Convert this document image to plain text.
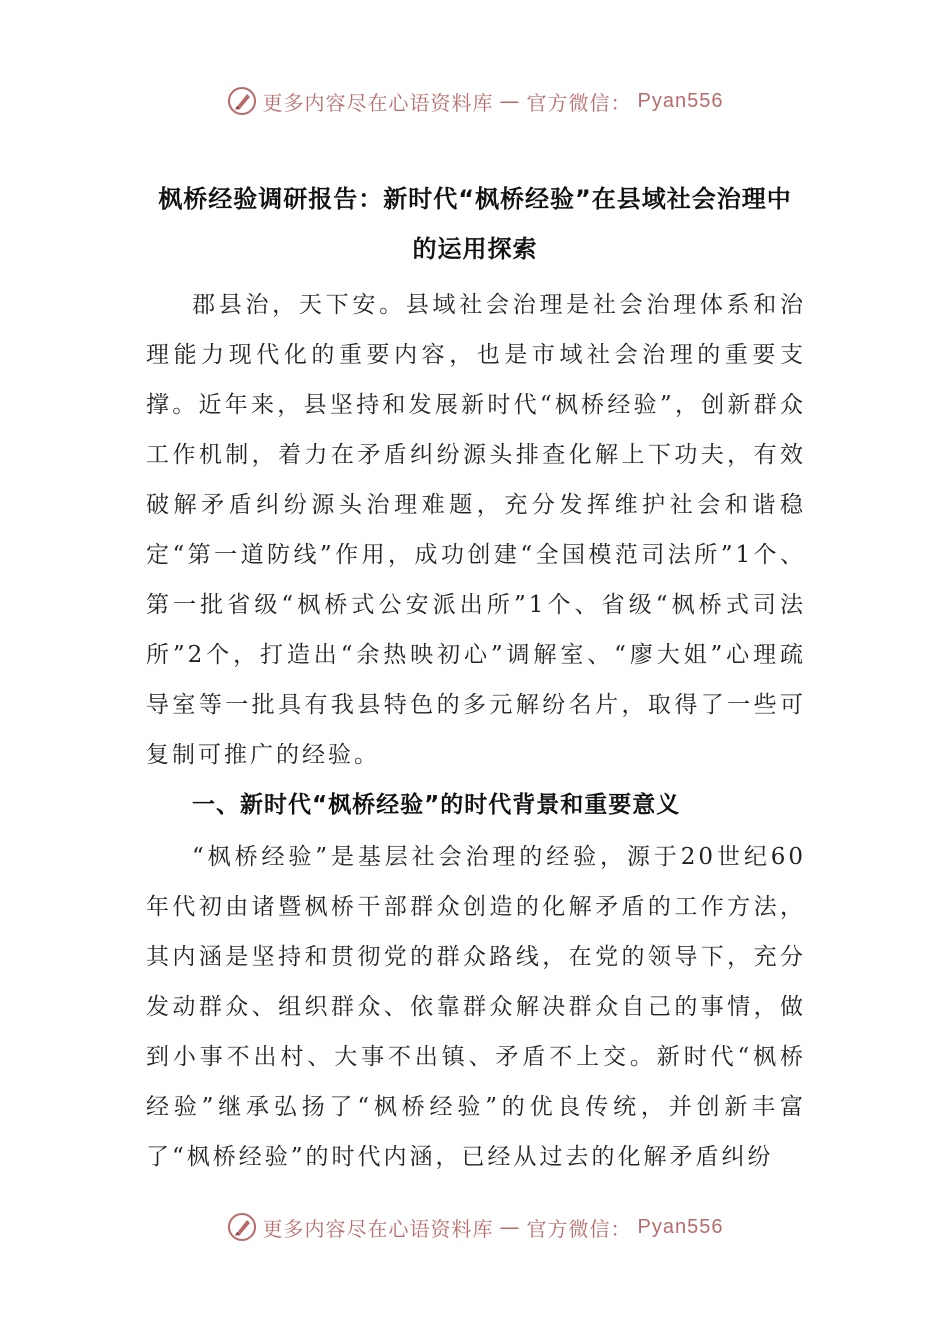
更多内容尽在心语资料库 — 官方微信： Pyan556
枫桥经验调研报告：新时代“枫桥经验”在县域社会治理中的运用探索
郡县治，天下安。县域社会治理是社会治理体系和治理能力现代化的重要内容，也是市域社会治理的重要支撑。近年来，县坚持和发展新时代“枫桥经验”，创新群众工作机制，着力在矛盾纠纷源头排查化解上下功夫，有效破解矛盾纠纷源头治理难题，充分发挥维护社会和谐稳定“第一道防线”作用，成功创建“全国模范司法所”1个、第一批省级“枫桥式公安派出所”1个、省级“枫桥式司法所”2个，打造出“余热映初心”调解室、“廖大姐”心理疏导室等一批具有我县特色的多元解纷名片，取得了一些可复制可推广的经验。
一、新时代“枫桥经验”的时代背景和重要意义
“枫桥经验”是基层社会治理的经验，源于20世纪60年代初由诸暨枫桥干部群众创造的化解矛盾的工作方法，其内涵是坚持和贯彻党的群众路线，在党的领导下，充分发动群众、组织群众、依靠群众解决群众自己的事情，做到小事不出村、大事不出镇、矛盾不上交。新时代“枫桥经验”继承弘扬了“枫桥经验”的优良传统，并创新丰富了“枫桥经验”的时代内涵，已经从过去的化解矛盾纠纷
更多内容尽在心语资料库 — 官方微信： Pyan556
